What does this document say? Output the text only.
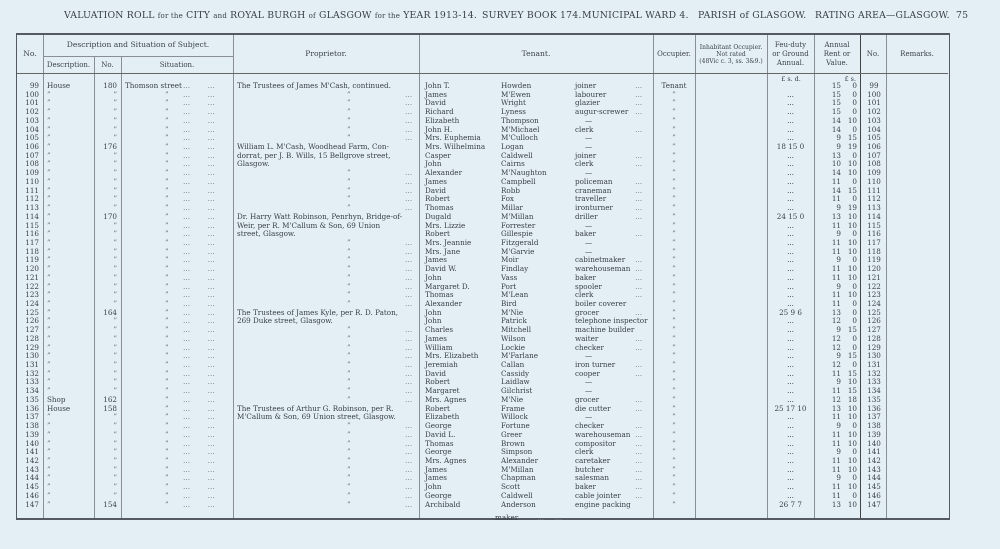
VALUATION ROLL for the CITY and ROYAL BURGH of GLASGOW for the YEAR 1913-14. SURVEY BOOK 174. MUNICIPAL WARD 4. PARISH of GLASGOW. RATING AREA—GLASGOW. 75
No.
Description and Situation of Subject.
Description.	No.	Situation.
Proprietor.	Tenant.	Occupier.
Inhabitant Occupier.
Not rated
(48Vic c. 3, ss. 3&9.)
Feu-duty
or Ground
Annual.
Annual
Rent or
Value.
No.	Remarks.
£ s. d.	£ s.
99 House	180 Thomson street	The Trustees of James M'Cash, continued.	John T.	Howden	joiner	Tenant	15	0	99
…  …	…
100 ”	”	”	”	James	M'Ewen	labourer	”	...	15	0	100
…  …	…	…
101 ”	”	”	”	David	Wright	glazier	”	...	15	0	101
…  …	…	…
102 ”	”	”	”	Richard	Lyness	augur-screwer	”	...	15	0	102
…  …	…	…
103 ”	”	”	”	Elizabeth	Thompson	—	”	...	14 10	103
…  …	…
104 ”	”	”	”	John H.	M'Michael	clerk	”	...	14	0	104
…  …	…	…
105 ”	”	”	”	Mrs. Euphemia	M'Culloch	—	”	...	9 15	105
…  …	…
106 ”	176	”	William L. M'Cash, Woodhead Farm, Con-	Mrs. Wilhelmina	Logan	—	”	18 15 0	9 19	106
…  …
107 ”	”	”	dorrat, per J. B. Wills, 15 Bellgrove street,	Casper	Caldwell	joiner	”	...	13	0	107
…  …	…
108 ”	”	”	Glasgow.	John	Cairns	clerk	”	...	10 10	108
…  …	…
109 ”	”	”	”	Alexander	M'Naughton	—	”	...	14 10	109
…  …	…
110 ”	”	”	”	James	Campbell	policeman	”	...	11	0	110
…  …	…	…
111 ”	”	”	”	David	Robb	craneman	”	...	14 15	111
…  …	…	…
112 ”	”	”	”	Robert	Fox	traveller	”	...	11	0	112
…  …	…	…
113 ”	”	”	”	Thomas	Millar	ironturner	”	...	9 19	113
…  …	…	…
114 ”	170	”	Dr. Harry Watt Robinson, Penrhyn, Bridge-of-	Dugald	M'Millan	driller	”	24 15 0	13 10	114
…  …	…
115 ”	”	”	Weir, per R. M'Callum & Son, 69 Union	Mrs. Lizzie	Forrester	—	”	...	11 10	115
…  …
116 ”	”	”	street, Glasgow.	Robert	Gillespie	baker	”	...	9	0	116
…  …	…
117 ”	”	”	”	Mrs. Jeannie	Fitzgerald	—	”	...	11 10	117
…  …	…
118 ”	”	”	”	Mrs. Jane	M'Garvie	—	”	...	11 10	118
…  …	…
119 ”	”	”	”	James	Moir	cabinetmaker	”	...	9	0	119
…  …	…	…
120 ”	”	”	”	David W.	Findlay	warehouseman	”	...	11 10	120
…  …	…	…
121 ”	”	”	”	John	Vass	baker	”	...	11 10	121
…  …	…	…
122 ”	”	”	”	Margaret D.	Port	spooler	”	...	9	0	122
…  …	…	…
123 ”	”	”	”	Thomas	M'Lean	clerk	”	...	11 10	123
…  …	…	…
124 ”	”	”	”	Alexander	Bird	boiler coverer	”	...	11	0	124
…  …	…
125 ”	164	”	The Trustees of James Kyle, per R. D. Paton,	John	M'Nie	grocer	”	25 9 6	13	0	125
…  …	…
126 ”	”	”	269 Duke street, Glasgow.	John	Patrick	telephone inspector	”	...	12	0	126
…  …
127 ”	”	”	”	Charles	Mitchell	machine builder	”	...	9 15	127
…  …	…
128 ”	”	”	”	James	Wilson	waiter	”	...	12	0	128
…  …	…	…
129 ”	”	”	”	William	Lockie	checker	”	...	12	0	129
…  …	…	…
130 ”	”	”	”	Mrs. Elizabeth	M'Farlane	—	”	...	9 15	130
…  …	…
131 ”	”	”	”	Jeremiah	Callan	iron turner	”	...	12	0	131
…  …	…	…
132 ”	”	”	”	David	Cassidy	cooper	”	...	11 15	132
…  …	…	…
133 ”	”	”	”	Robert	Laidlaw	—	”	...	9 10	133
…  …	…
134 ”	”	”	”	Margaret	Gilchrist	—	”	...	11 15	134
…  …	…
135 Shop	162	”	”	Mrs. Agnes	M'Nie	grocer	”	...	12 18	135
…  …	…	…
136 House	158	”	The Trustees of Arthur G. Robinson, per R.	Robert	Frame	die cutter	”	25 17 10	13 10	136
…  …	…
137 ”	”	”	M'Callum & Son, 69 Union street, Glasgow.	Elizabeth	Willock	—	”	...	11 10	137
…  …
138 ”	”	”	”	George	Fortune	checker	”	...	9	0	138
…  …	…	…
139 ”	”	”	”	David L.	Greer	warehouseman	”	...	11 10	139
…  …	…	…
140 ”	”	”	”	Thomas	Brown	compositor	”	...	11 10	140
…  …	…	…
141 ”	”	”	”	George	Simpson	clerk	”	...	9	0	141
…  …	…	…
142 ”	”	”	”	Mrs. Agnes	Alexander	caretaker	”	...	11 10	142
…  …	…	…
143 ”	”	”	”	James	M'Millan	butcher	”	...	11 10	143
…  …	…	…
144 ”	”	”	”	James	Chapman	salesman	”	...	9	0	144
…  …	…	…
145 ”	”	”	”	John	Scott	baker	”	...	11 10	145
…  …	…	…
146 ”	”	”	”	George	Caldwell	cable jointer	”	...	11	0	146
…  …	…	…
147 ”	154	”	”	Archibald	Anderson	engine packing	”	26 7 7	13 10	147
…  …	…
maker	…   …
